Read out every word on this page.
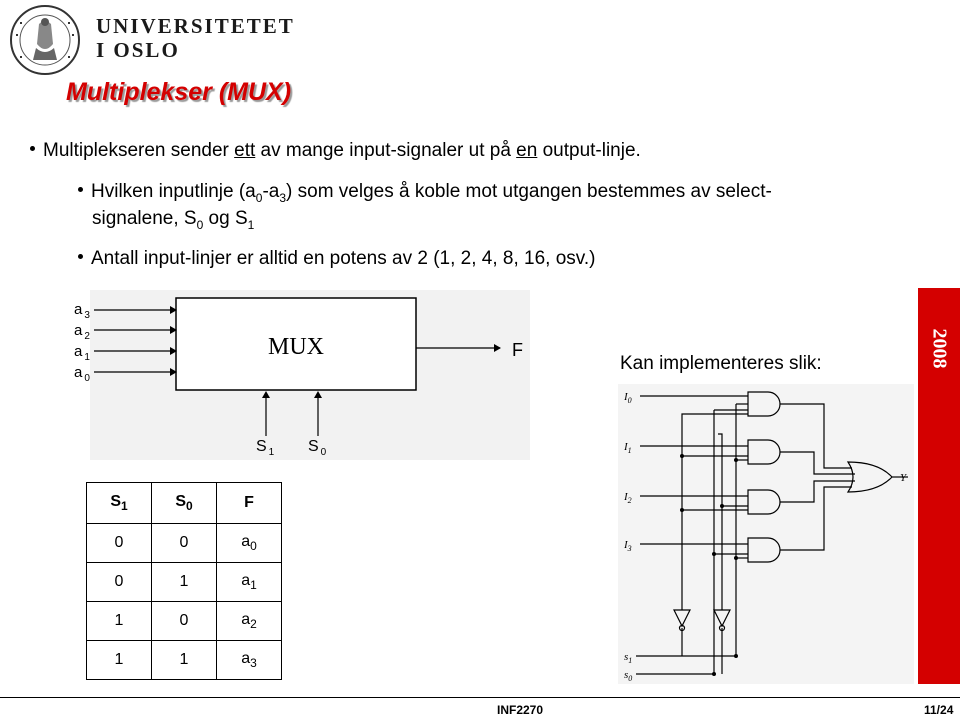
UNIVERSITETET
I OSLO
Multiplekser (MUX)
Multiplekseren sender ett av mange input-signaler ut på en output-linje.
Hvilken inputlinje $(a_0-a_3)$ som velges å koble mot utgangen bestemmes av select-
signalene, $S_0$ og $S_1$
Antall input-linjer er alltid en potens av 2 (1, 2, 4, 8, 16, osv.)
MUX
a $_3$
a $_2$
a $_1$
a $_0$
F
S $_1$ S $_0$
Kan implementeres slik:
$S_1$	$S_0$	F
0	0	$a_0$
0	1	$a_1$
1	0	$a_2$
1	1	$a_3$
$I_0$
$I_1$
$I_2$
$I_3$
$s_1$
$s_0$
Y
2008
INF2270	11/24
